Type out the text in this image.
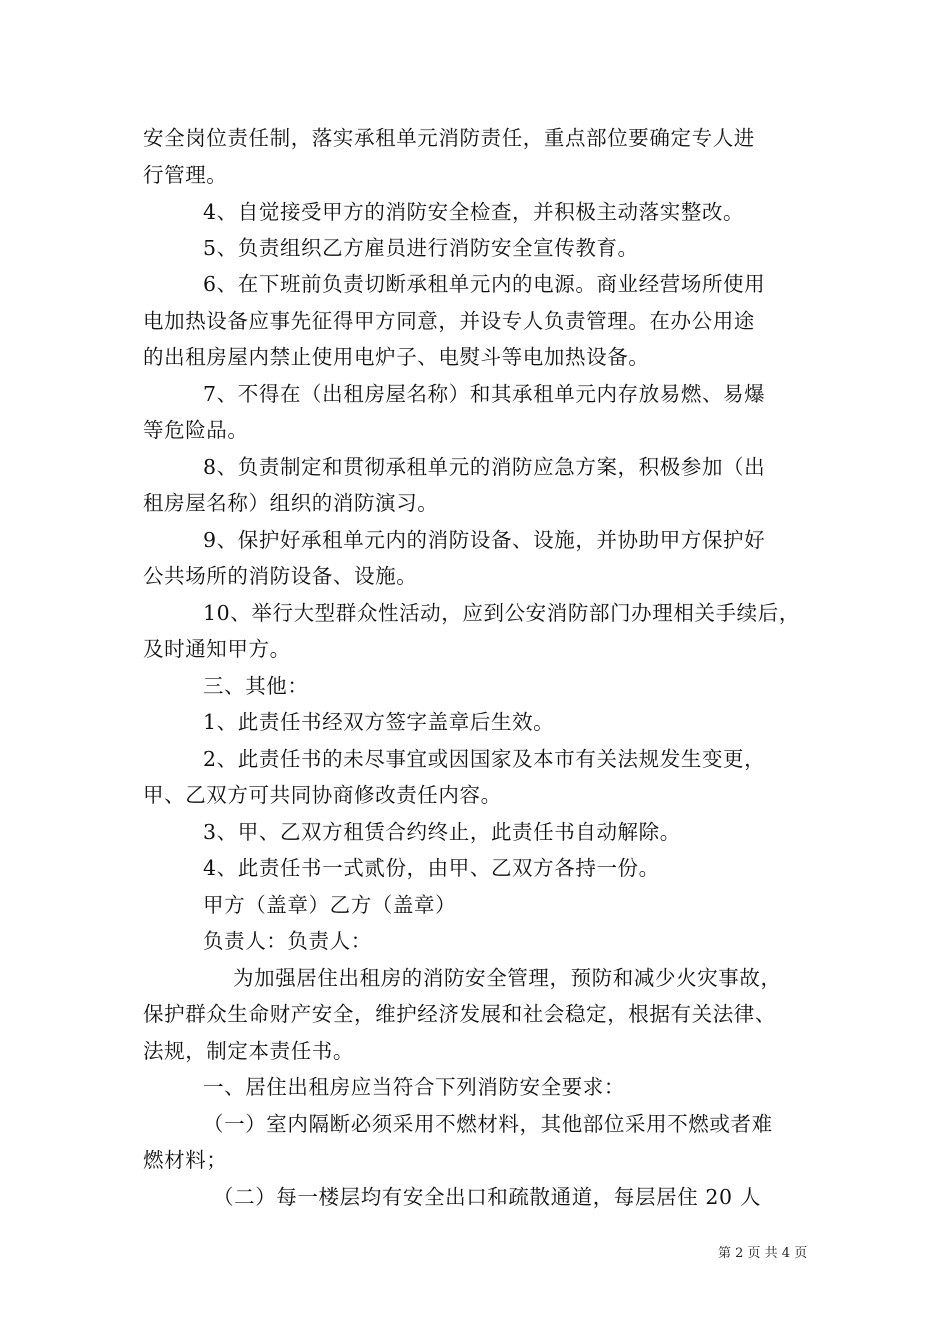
安全岗位责任制，落实承租单元消防责任，重点部位要确定专人进
行管理。
4、自觉接受甲方的消防安全检查，并积极主动落实整改。
5、负责组织乙方雇员进行消防安全宣传教育。
6、在下班前负责切断承租单元内的电源。商业经营场所使用
电加热设备应事先征得甲方同意，并设专人负责管理。在办公用途
的出租房屋内禁止使用电炉子、电熨斗等电加热设备。
7、不得在（出租房屋名称）和其承租单元内存放易燃、易爆
等危险品。
8、负责制定和贯彻承租单元的消防应急方案，积极参加（出
租房屋名称）组织的消防演习。
9、保护好承租单元内的消防设备、设施，并协助甲方保护好
公共场所的消防设备、设施。
10、举行大型群众性活动，应到公安消防部门办理相关手续后，
及时通知甲方。
三、其他：
1、此责任书经双方签字盖章后生效。
2、此责任书的未尽事宜或因国家及本市有关法规发生变更，
甲、乙双方可共同协商修改责任内容。
3、甲、乙双方租赁合约终止，此责任书自动解除。
4、此责任书一式贰份，由甲、乙双方各持一份。
甲方（盖章）乙方（盖章）
负责人：负责人：
为加强居住出租房的消防安全管理，预防和减少火灾事故，
保护群众生命财产安全，维护经济发展和社会稳定，根据有关法律、
法规，制定本责任书。
一、居住出租房应当符合下列消防安全要求：
（一）室内隔断必须采用不燃材料，其他部位采用不燃或者难
燃材料；
（二）每一楼层均有安全出口和疏散通道，每层居住 20 人
第 2 页 共 4 页
